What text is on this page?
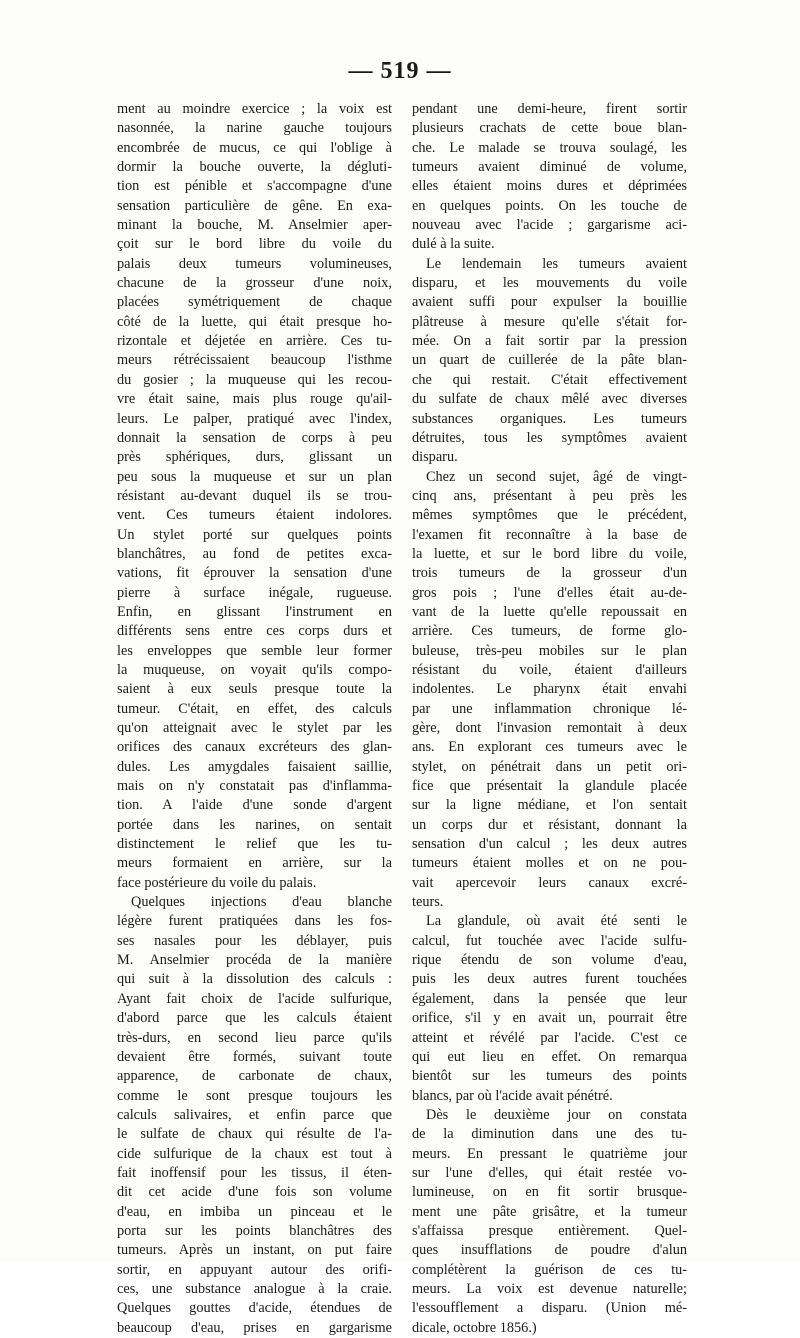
— 519 —
ment au moindre exercice ; la voix est
nasonnée, la narine gauche toujours
encombrée de mucus, ce qui l'oblige à
dormir la bouche ouverte, la dégluti-
tion est pénible et s'accompagne d'une
sensation particulière de gêne. En exa-
minant la bouche, M. Anselmier aper-
çoit sur le bord libre du voile du
palais deux tumeurs volumineuses,
chacune de la grosseur d'une noix,
placées symétriquement de chaque
côté de la luette, qui était presque ho-
rizontale et déjetée en arrière. Ces tu-
meurs rétrécissaient beaucoup l'isthme
du gosier ; la muqueuse qui les recou-
vre était saine, mais plus rouge qu'ail-
leurs. Le palper, pratiqué avec l'index,
donnait la sensation de corps à peu
près sphériques, durs, glissant un
peu sous la muqueuse et sur un plan
résistant au-devant duquel ils se trou-
vent. Ces tumeurs étaient indolores.
Un stylet porté sur quelques points
blanchâtres, au fond de petites exca-
vations, fit éprouver la sensation d'une
pierre à surface inégale, rugueuse.
Enfin, en glissant l'instrument en
différents sens entre ces corps durs et
les enveloppes que semble leur former
la muqueuse, on voyait qu'ils compo-
saient à eux seuls presque toute la
tumeur. C'était, en effet, des calculs
qu'on atteignait avec le stylet par les
orifices des canaux excréteurs des glan-
dules. Les amygdales faisaient saillie,
mais on n'y constatait pas d'inflamma-
tion. A l'aide d'une sonde d'argent
portée dans les narines, on sentait
distinctement le relief que les tu-
meurs formaient en arrière, sur la
face postérieure du voile du palais.
Quelques injections d'eau blanche
légère furent pratiquées dans les fos-
ses nasales pour les déblayer, puis
M. Anselmier procéda de la manière
qui suit à la dissolution des calculs :
Ayant fait choix de l'acide sulfurique,
d'abord parce que les calculs étaient
très-durs, en second lieu parce qu'ils
devaient être formés, suivant toute
apparence, de carbonate de chaux,
comme le sont presque toujours les
calculs salivaires, et enfin parce que
le sulfate de chaux qui résulte de l'a-
cide sulfurique de la chaux est tout à
fait inoffensif pour les tissus, il éten-
dit cet acide d'une fois son volume
d'eau, en imbiba un pinceau et le
porta sur les points blanchâtres des
tumeurs. Après un instant, on put faire
sortir, en appuyant autour des orifi-
ces, une substance analogue à la craie.
Quelques gouttes d'acide, étendues de
beaucoup d'eau, prises en gargarisme
pendant une demi-heure, firent sortir
plusieurs crachats de cette boue blan-
che. Le malade se trouva soulagé, les
tumeurs avaient diminué de volume,
elles étaient moins dures et déprimées
en quelques points. On les touche de
nouveau avec l'acide ; gargarisme aci-
dulé à la suite.
Le lendemain les tumeurs avaient
disparu, et les mouvements du voile
avaient suffi pour expulser la bouillie
plâtreuse à mesure qu'elle s'était for-
mée. On a fait sortir par la pression
un quart de cuillerée de la pâte blan-
che qui restait. C'était effectivement
du sulfate de chaux mêlé avec diverses
substances organiques. Les tumeurs
détruites, tous les symptômes avaient
disparu.
Chez un second sujet, âgé de vingt-
cinq ans, présentant à peu près les
mêmes symptômes que le précédent,
l'examen fit reconnaître à la base de
la luette, et sur le bord libre du voile,
trois tumeurs de la grosseur d'un
gros pois ; l'une d'elles était au-de-
vant de la luette qu'elle repoussait en
arrière. Ces tumeurs, de forme glo-
buleuse, très-peu mobiles sur le plan
résistant du voile, étaient d'ailleurs
indolentes. Le pharynx était envahi
par une inflammation chronique lé-
gère, dont l'invasion remontait à deux
ans. En explorant ces tumeurs avec le
stylet, on pénétrait dans un petit ori-
fice que présentait la glandule placée
sur la ligne médiane, et l'on sentait
un corps dur et résistant, donnant la
sensation d'un calcul ; les deux autres
tumeurs étaient molles et on ne pou-
vait apercevoir leurs canaux excré-
teurs.
La glandule, où avait été senti le
calcul, fut touchée avec l'acide sulfu-
rique étendu de son volume d'eau,
puis les deux autres furent touchées
également, dans la pensée que leur
orifice, s'il y en avait un, pourrait être
atteint et révélé par l'acide. C'est ce
qui eut lieu en effet. On remarqua
bientôt sur les tumeurs des points
blancs, par où l'acide avait pénétré.
Dès le deuxième jour on constata
de la diminution dans une des tu-
meurs. En pressant le quatrième jour
sur l'une d'elles, qui était restée vo-
lumineuse, on en fit sortir brusque-
ment une pâte grisâtre, et la tumeur
s'affaissa presque entièrement. Quel-
ques insufflations de poudre d'alun
complétèrent la guérison de ces tu-
meurs. La voix est devenue naturelle;
l'essoufflement a disparu. (Union mé-
dicale, octobre 1856.)
